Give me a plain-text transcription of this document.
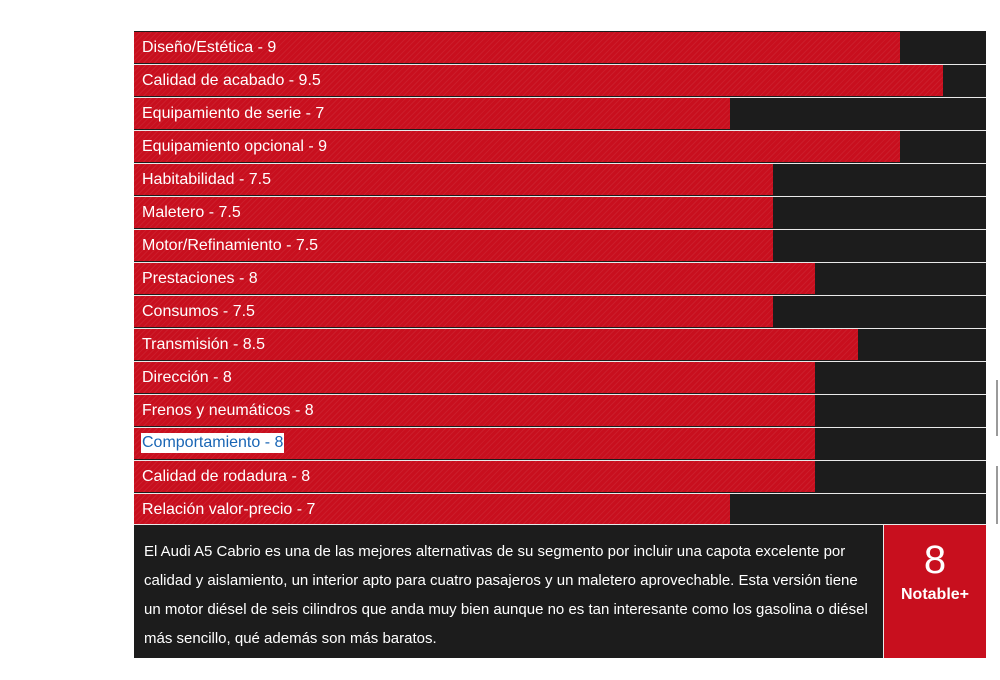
Diseño/Estética - 9
Calidad de acabado - 9.5
Equipamiento de serie - 7
Equipamiento opcional - 9
Habitabilidad - 7.5
Maletero - 7.5
Motor/Refinamiento - 7.5
Prestaciones - 8
Consumos - 7.5
Transmisión - 8.5
Dirección - 8
Frenos y neumáticos - 8
Comportamiento - 8
Calidad de rodadura - 8
Relación valor-precio - 7

El Audi A5 Cabrio es una de las mejores alternativas de su segmento por incluir una capota excelente por calidad y aislamiento, un interior apto para cuatro pasajeros y un maletero aprovechable. Esta versión tiene un motor diésel de seis cilindros que anda muy bien aunque no es tan interesante como los gasolina o diésel más sencillo, qué además son más baratos.

8
Notable+
